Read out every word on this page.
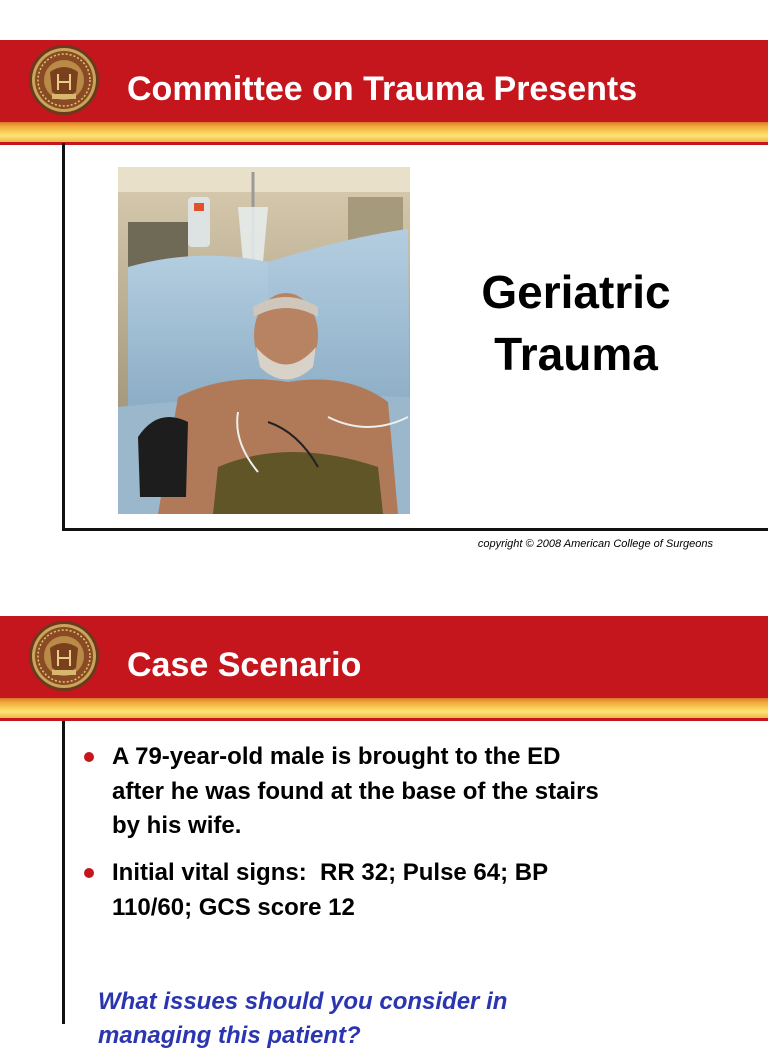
Committee on Trauma Presents
Geriatric
Trauma
copyright © 2008 American College of Surgeons
Case Scenario
A 79-year-old male is brought to the ED after he was found at the base of the stairs by his wife.
Initial vital signs:  RR 32; Pulse 64; BP 110/60; GCS score 12
What issues should you consider in managing this patient?
